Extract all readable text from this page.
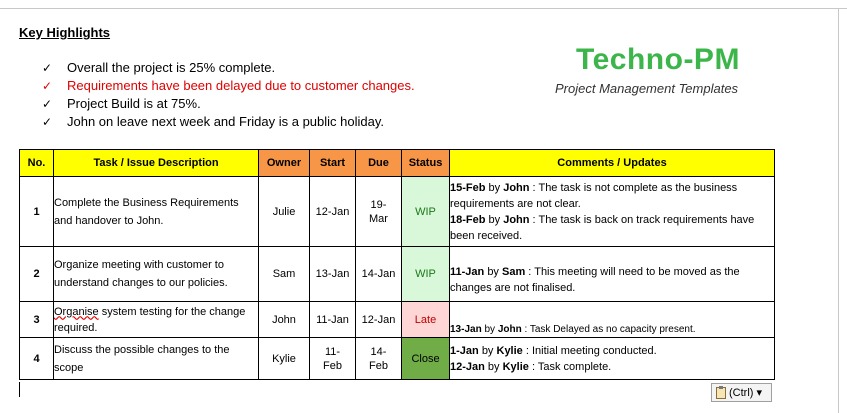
Key Highlights
✓ Overall the project is 25% complete.
✓ Requirements have been delayed due to customer changes.
✓ Project Build is at 75%.
✓ John on leave next week and Friday is a public holiday.
Techno-PM
Project Management Templates
No.	Task / Issue Description	Owner	Start	Due	Status	Comments / Updates
1	Complete the Business Requirements and handover to John.	Julie	12-Jan	19-Mar	WIP	15-Feb by John : The task is not complete as the business requirements are not clear.
18-Feb by John : The task is back on track requirements have been received.

2	Organize meeting with customer to understand changes to our policies.	Sam	13-Jan	14-Jan	WIP	11-Jan by Sam : This meeting will need to be moved as the changes are not finalised.

3	Organise system testing for the change required.	John	11-Jan	12-Jan	Late	13-Jan by John : Task Delayed as no capacity present.

4	Discuss the possible changes to the scope	Kylie	11-Feb	14-Feb	Close	1-Jan by Kylie : Initial meeting conducted.
12-Jan by Kylie : Task complete.
(Ctrl) ▾
